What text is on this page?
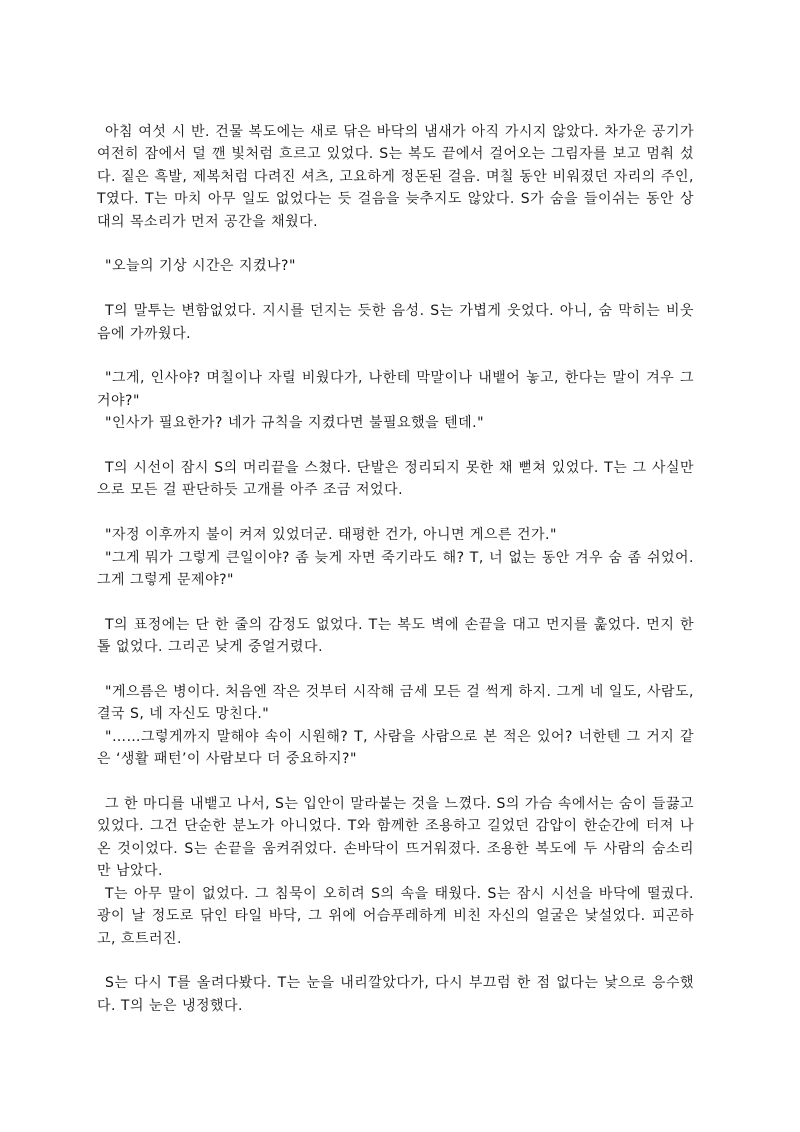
아침 여섯 시 반. 건물 복도에는 새로 닦은 바닥의 냄새가 아직 가시지 않았다. 차가운 공기가 여전히 잠에서 덜 깬 빛처럼 흐르고 있었다. S는 복도 끝에서 걸어오는 그림자를 보고 멈춰 섰다. 짙은 흑발, 제복처럼 다려진 셔츠, 고요하게 정돈된 걸음. 며칠 동안 비워졌던 자리의 주인, T였다. T는 마치 아무 일도 없었다는 듯 걸음을 늦추지도 않았다. S가 숨을 들이쉬는 동안 상대의 목소리가 먼저 공간을 채웠다.

"오늘의 기상 시간은 지켰나?"

T의 말투는 변함없었다. 지시를 던지는 듯한 음성. S는 가볍게 웃었다. 아니, 숨 막히는 비웃음에 가까웠다.

"그게, 인사야? 며칠이나 자릴 비웠다가, 나한테 막말이나 내뱉어 놓고, 한다는 말이 겨우 그거야?"

"인사가 필요한가? 네가 규칙을 지켰다면 불필요했을 텐데."

T의 시선이 잠시 S의 머리끝을 스쳤다. 단발은 정리되지 못한 채 뻗쳐 있었다. T는 그 사실만으로 모든 걸 판단하듯 고개를 아주 조금 저었다.

"자정 이후까지 불이 켜져 있었더군. 태평한 건가, 아니면 게으른 건가."

"그게 뭐가 그렇게 큰일이야? 좀 늦게 자면 죽기라도 해? T, 너 없는 동안 겨우 숨 좀 쉬었어. 그게 그렇게 문제야?"

T의 표정에는 단 한 줄의 감정도 없었다. T는 복도 벽에 손끝을 대고 먼지를 훑었다. 먼지 한 톨 없었다. 그리곤 낮게 중얼거렸다.

"게으름은 병이다. 처음엔 작은 것부터 시작해 금세 모든 걸 썩게 하지. 그게 네 일도, 사람도, 결국 S, 네 자신도 망친다."

"……그렇게까지 말해야 속이 시원해? T, 사람을 사람으로 본 적은 있어? 너한텐 그 거지 같은 ‘생활 패턴’이 사람보다 더 중요하지?"

그 한 마디를 내뱉고 나서, S는 입안이 말라붙는 것을 느꼈다. S의 가슴 속에서는 숨이 들끓고 있었다. 그건 단순한 분노가 아니었다. T와 함께한 조용하고 길었던 감압이 한순간에 터져 나온 것이었다. S는 손끝을 움켜쥐었다. 손바닥이 뜨거워졌다. 조용한 복도에 두 사람의 숨소리만 남았다.

T는 아무 말이 없었다. 그 침묵이 오히려 S의 속을 태웠다. S는 잠시 시선을 바닥에 떨궜다. 광이 날 정도로 닦인 타일 바닥, 그 위에 어슴푸레하게 비친 자신의 얼굴은 낯설었다. 피곤하고, 흐트러진.

S는 다시 T를 올려다봤다. T는 눈을 내리깔았다가, 다시 부끄럼 한 점 없다는 낯으로 응수했다. T의 눈은 냉정했다.
